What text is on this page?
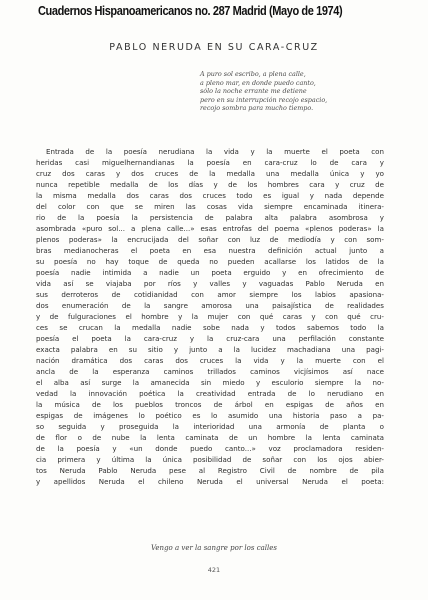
Cuadernos Hispanoamericanos no. 287 Madrid (Mayo de 1974)
PABLO NERUDA EN SU CARA-CRUZ
A puro sol escribo, a plena calle,
a pleno mar, en donde puedo canto,
sólo la noche errante me detiene
pero en su interrupción recojo espacio,
recojo sombra para mucho tiempo.
Entrada de la poesía nerudiana la vida y la muerte el poeta con
heridas casi miguelhernandianas la poesía en cara-cruz lo de cara y
cruz dos caras y dos cruces de la medalla una medalla única y yo
nunca repetible medalla de los días y de los hombres cara y cruz de
la misma medalla dos caras dos cruces todo es igual y nada depende
del color con que se miren las cosas vida siempre encaminada itinera-
rio de la poesía la persistencia de palabra alta palabra asombrosa y
asombrada «puro sol... a plena calle...» esas entrofas del poema «plenos poderas» la
plenos poderas» la encrucijada del soñar con luz de mediodía y con som-
bras medianocheras el poeta en esa nuestra definición actual junto a
su poesía no hay toque de queda no pueden acallarse los latidos de la
poesía nadie intimida a nadie un poeta erguido y en ofrecimiento de
vida así se viajaba por ríos y valles y vaguadas Pablo Neruda en
sus derroteros de cotidianidad con amor siempre los labios apasiona-
dos enumeración de la sangre amorosa una paisajística de realidades
y de fulguraciones el hombre y la mujer con qué caras y con qué cru-
ces se crucan la medalla nadie sobe nada y todos sabemos todo la
poesía el poeta la cara-cruz y la cruz-cara una perfilación constante
exacta palabra en su sitio y junto a la lucidez machadiana una pagi-
nación dramática dos caras dos cruces la vida y la muerte con el
ancla de la esperanza caminos trillados caminos vicjísimos así nace
el alba así surge la amanecida sin miedo y esculorio siempre la no-
vedad la innovación poética la creatividad entrada de lo nerudiano en
la música de los pueblos troncos de árbol en espigas de años en
espigas de imágenes lo poético es lo asumido una historia paso a pa-
so seguida y proseguida la interioridad una armonía de planta o
de flor o de nube la lenta caminata de un hombre la lenta caminata
de la poesía y «un donde puedo canto...» voz proclamadora residen-
cia primera y última la única posibilidad de soñar con los ojos abier-
tos Neruda Pablo Neruda pese al Registro Civil de nombre de pila
y apellidos Neruda el chileno Neruda el universal Neruda el poeta:
Vengo a ver la sangre por los calles
421
